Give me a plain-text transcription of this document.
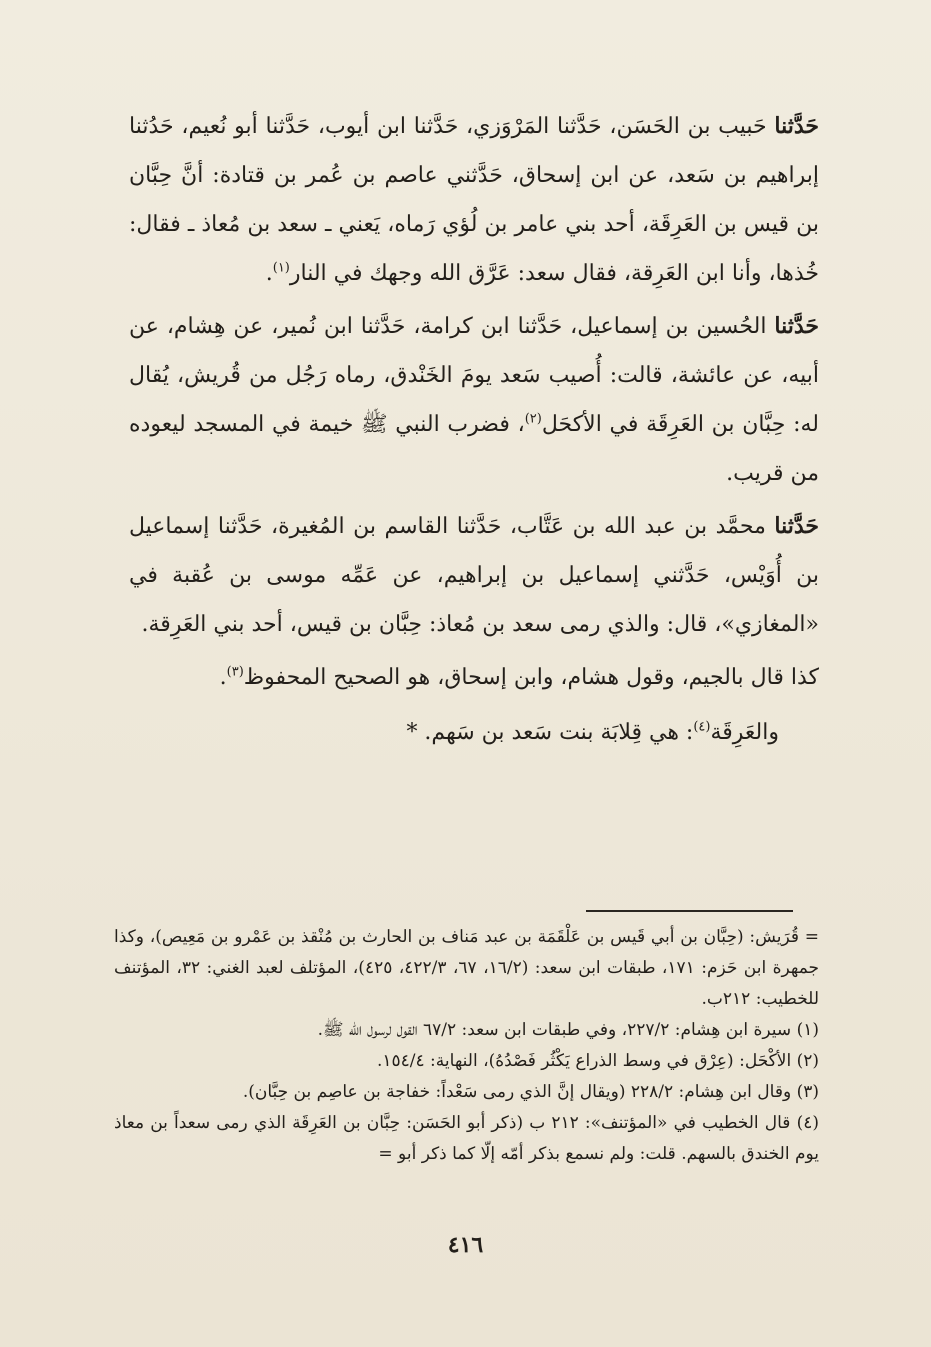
حَدَّثنا حَبيب بن الحَسَن، حَدَّثنا المَرْوَزي، حَدَّثنا ابن أيوب، حَدَّثنا أبو نُعيم، حَدُثنا إبراهيم بن سَعد، عن ابن إسحاق، حَدَّثني عاصم بن عُمر بن قتادة: أنَّ حِبَّان بن قيس بن العَرِقَة، أحد بني عامر بن لُؤي رَماه، يَعني ـ سعد بن مُعاذ ـ فقال: خُذها، وأنا ابن العَرِقة، فقال سعد: عَرَّق الله وجهك في النار$^{(١)}$.

حَدَّثنا الحُسين بن إسماعيل، حَدَّثنا ابن كرامة، حَدَّثنا ابن نُمير، عن هِشام، عن أبيه، عن عائشة، قالت: أُصيب سَعد يومَ الخَنْدق، رماه رَجُل من قُريش، يُقال له: حِبَّان بن العَرِقَة في الأكحَل$^{(٢)}$، فضرب النبي ﷺ خيمة في المسجد ليعوده من قريب.

حَدَّثنا محمَّد بن عبد الله بن عَتَّاب، حَدَّثنا القاسم بن المُغيرة، حَدَّثنا إسماعيل بن أُوَيْس، حَدَّثني إسماعيل بن إبراهيم، عن عَمِّه موسى بن عُقبة في «المغازي»، قال: والذي رمى سعد بن مُعاذ: حِبَّان بن قيس، أحد بني العَرِقة.

كذا قال بالجيم، وقول هشام، وابن إسحاق، هو الصحيح المحفوظ$^{(٣)}$.

والعَرِقَة$^{(٤)}$: هي قِلابَة بنت سَعد بن سَهم. *

= قُرَيش: (حِبَّان بن أبي قَيس بن عَلْقَمَة بن عبد مَناف بن الحارث بن مُنْقذ بن عَمْرو بن مَعِيص)، وكذا جمهرة ابن حَزم: ١٧١، طبقات ابن سعد: (١٦/٢، ٦٧، ٤٢٢/٣، ٤٢٥)، المؤتلف لعبد الغني: ٣٢، المؤتنف للخطيب: ٢١٢ب.

(١) سيرة ابن هِشام: ٢٢٧/٢، وفي طبقات ابن سعد: ٦٧/٢ القول لرسول الله ﷺ.

(٢) الأكْحَل: (عِرْق في وسط الذراع يَكْثُر فَصْدُهُ)، النهاية: ١٥٤/٤.

(٣) وقال ابن هِشام: ٢٢٨/٢ (ويقال إنَّ الذي رمى سَعْداً: خفاجة بن عاصِم بن حِبَّان).

(٤) قال الخطيب في «المؤتنف»: ٢١٢ ب (ذكر أبو الحَسَن: حِبَّان بن العَرِقَة الذي رمى سعداً بن معاذ يوم الخندق بالسهم. قلت: ولم نسمع بذكر أمّه إلّا كما ذكر أبو =

٤١٦
